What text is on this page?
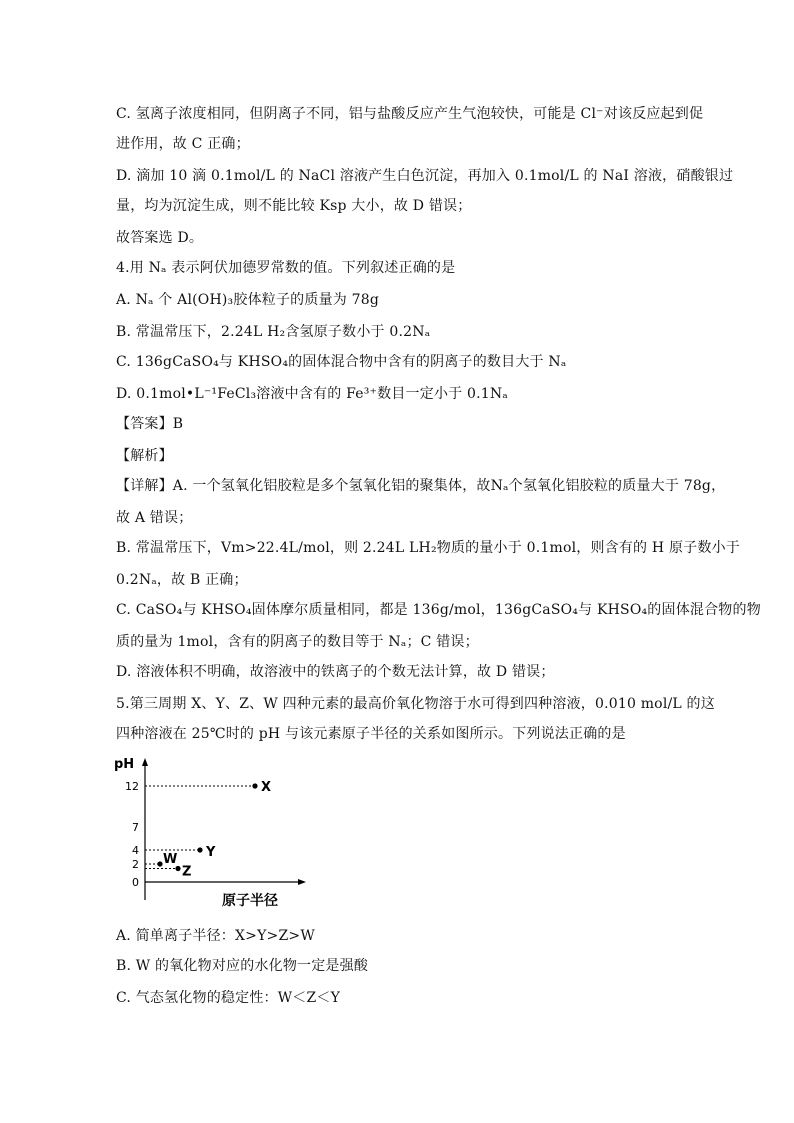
C. 氢离子浓度相同，但阴离子不同，铝与盐酸反应产生气泡较快，可能是 Cl⁻对该反应起到促
进作用，故 C 正确；
D. 滴加 10 滴 0.1mol/L 的 NaCl 溶液产生白色沉淀，再加入 0.1mol/L 的 NaI 溶液，硝酸银过
量，均为沉淀生成，则不能比较 Ksp 大小，故 D 错误；
故答案选 D。
4.用 Nₐ 表示阿伏加德罗常数的值。下列叙述正确的是
A. Nₐ 个 Al(OH)₃胶体粒子的质量为 78g
B. 常温常压下，2.24L H₂含氢原子数小于 0.2Nₐ
C. 136gCaSO₄与 KHSO₄的固体混合物中含有的阴离子的数目大于 Nₐ
D. 0.1mol•L⁻¹FeCl₃溶液中含有的 Fe³⁺数目一定小于 0.1Nₐ
【答案】B
【解析】
【详解】A. 一个氢氧化铝胶粒是多个氢氧化铝的聚集体，故Nₐ个氢氧化铝胶粒的质量大于 78g，
故 A 错误；
B. 常温常压下，Vm>22.4L/mol，则 2.24L LH₂物质的量小于 0.1mol，则含有的 H 原子数小于
0.2Nₐ，故 B 正确；
C. CaSO₄与 KHSO₄固体摩尔质量相同，都是 136g/mol，136gCaSO₄与 KHSO₄的固体混合物的物
质的量为 1mol，含有的阴离子的数目等于 Nₐ；C 错误；
D. 溶液体积不明确，故溶液中的铁离子的个数无法计算，故 D 错误；
5.第三周期 X、Y、Z、W 四种元素的最高价氧化物溶于水可得到四种溶液，0.010 mol/L 的这
四种溶液在 25℃时的 pH 与该元素原子半径的关系如图所示。下列说法正确的是
pH
原子半径
12
7
4
2
0
X
Y
W
Z
A. 简单离子半径：X>Y>Z>W
B. W 的氧化物对应的水化物一定是强酸
C. 气态氢化物的稳定性：W＜Z＜Y
